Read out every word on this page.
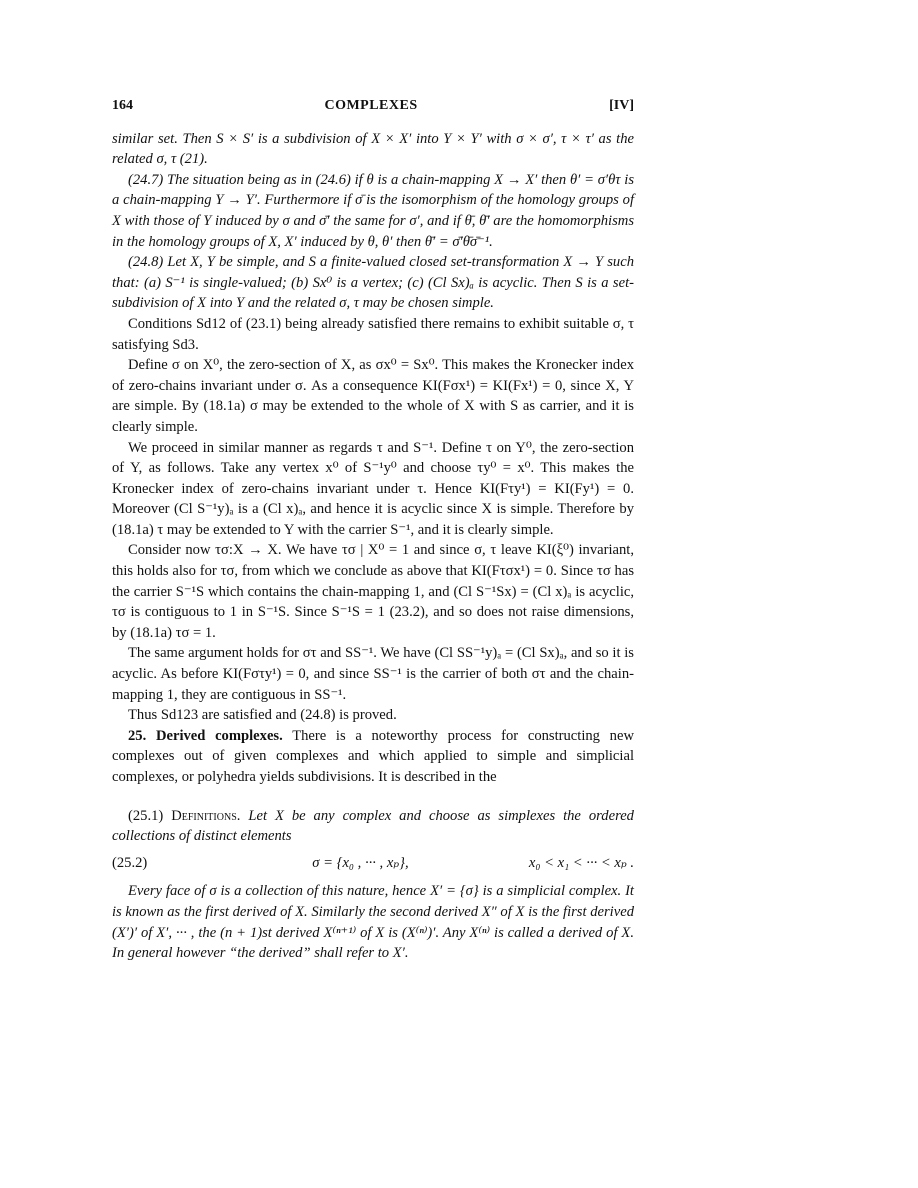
164	COMPLEXES	[IV]

similar set. Then S × S′ is a subdivision of X × X′ into Y × Y′ with σ × σ′, τ × τ′ as the related σ, τ (21).

(24.7) The situation being as in (24.6) if θ is a chain-mapping X → X′ then θ′ = σ′θτ is a chain-mapping Y → Y′. Furthermore if σ̄ is the isomorphism of the homology groups of X with those of Y induced by σ and σ̄′ the same for σ′, and if θ̄, θ̄′ are the homomorphisms in the homology groups of X, X′ induced by θ, θ′ then θ̄′ = σ̄′θ̄σ̄⁻¹.

(24.8) Let X, Y be simple, and S a finite-valued closed set-transformation X → Y such that: (a) S⁻¹ is single-valued; (b) Sx⁰ is a vertex; (c) (Cl Sx)ₐ is acyclic. Then S is a set-subdivision of X into Y and the related σ, τ may be chosen simple.

Conditions Sd12 of (23.1) being already satisfied there remains to exhibit suitable σ, τ satisfying Sd3.

Define σ on X⁰, the zero-section of X, as σx⁰ = Sx⁰. This makes the Kronecker index of zero-chains invariant under σ. As a consequence KI(Fσx¹) = KI(Fx¹) = 0, since X, Y are simple. By (18.1a) σ may be extended to the whole of X with S as carrier, and it is clearly simple.

We proceed in similar manner as regards τ and S⁻¹. Define τ on Y⁰, the zero-section of Y, as follows. Take any vertex x⁰ of S⁻¹y⁰ and choose τy⁰ = x⁰. This makes the Kronecker index of zero-chains invariant under τ. Hence KI(Fτy¹) = KI(Fy¹) = 0. Moreover (Cl S⁻¹y)ₐ is a (Cl x)ₐ, and hence it is acyclic since X is simple. Therefore by (18.1a) τ may be extended to Y with the carrier S⁻¹, and it is clearly simple.

Consider now τσ:X → X. We have τσ | X⁰ = 1 and since σ, τ leave KI(ξ⁰) invariant, this holds also for τσ, from which we conclude as above that KI(Fτσx¹) = 0. Since τσ has the carrier S⁻¹S which contains the chain-mapping 1, and (Cl S⁻¹Sx) = (Cl x)ₐ is acyclic, τσ is contiguous to 1 in S⁻¹S. Since S⁻¹S = 1 (23.2), and so does not raise dimensions, by (18.1a) τσ = 1.

The same argument holds for στ and SS⁻¹. We have (Cl SS⁻¹y)ₐ = (Cl Sx)ₐ, and so it is acyclic. As before KI(Fστy¹) = 0, and since SS⁻¹ is the carrier of both στ and the chain-mapping 1, they are contiguous in SS⁻¹.

Thus Sd123 are satisfied and (24.8) is proved.

25. Derived complexes. There is a noteworthy process for constructing new complexes out of given complexes and which applied to simple and simplicial complexes, or polyhedra yields subdivisions. It is described in the

(25.1) Definitions. Let X be any complex and choose as simplexes the ordered collections of distinct elements

(25.2)	σ = {x₀ , ··· , xₚ},	x₀ < x₁ < ··· < xₚ .

Every face of σ is a collection of this nature, hence X′ = {σ} is a simplicial complex. It is known as the first derived of X. Similarly the second derived X″ of X is the first derived (X′)′ of X′, ··· , the (n + 1)st derived X⁽ⁿ⁺¹⁾ of X is (X⁽ⁿ⁾)′. Any X⁽ⁿ⁾ is called a derived of X. In general however “the derived” shall refer to X′.
